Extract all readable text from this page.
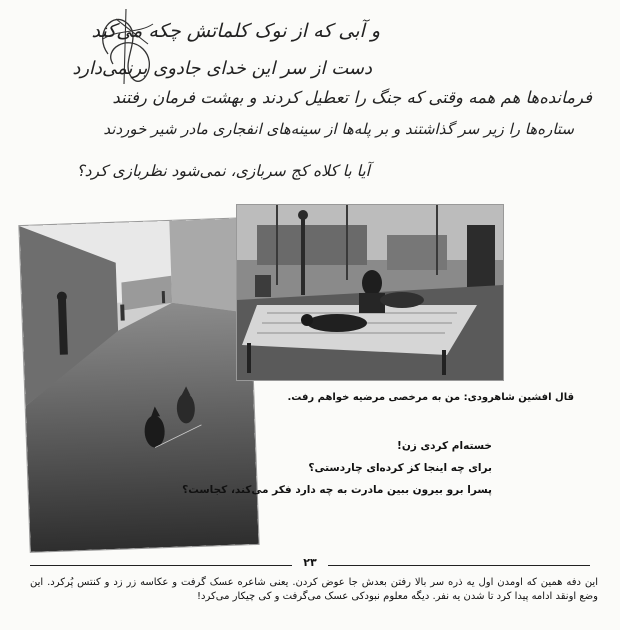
و آبی که از نوک کلماتش چکه می‌کند
دست از سر این خدای جادوی برنمی‌دارد
فرمانده‌ها هم همه وقتی که جنگ را تعطیل کردند و بهشت فرمان رفتند
ستاره‌ها را زیر سر گذاشتند و بر پله‌ها از سینه‌های انفجاری مادر شیر خوردند
آیا با کلاه کج سربازی، نمی‌شود نظربازی کرد؟
قال افشین شاهرودی: من به مرخصی مرضیه خواهم رفت.
خسته‌ام کردی زن!
برای چه اینجا کز کرده‌ای چاردستی؟
پسرا برو بیرون ببین مادرت به چه دارد فکر می‌کند، کجاست؟
۲۳
این دفه همین که اومدن اول یه ذره سر بالا رفتن بعدش جا عوض کردن. یعنی شاعره عسک گرفت و عکاسه زر زد و کنتس پُرکرد. این وضع اونقد ادامه پیدا کرد تا شدن یه نفر. دیگه معلوم نبودکی عسک می‌گرفت و کی چیکار می‌کرد!
